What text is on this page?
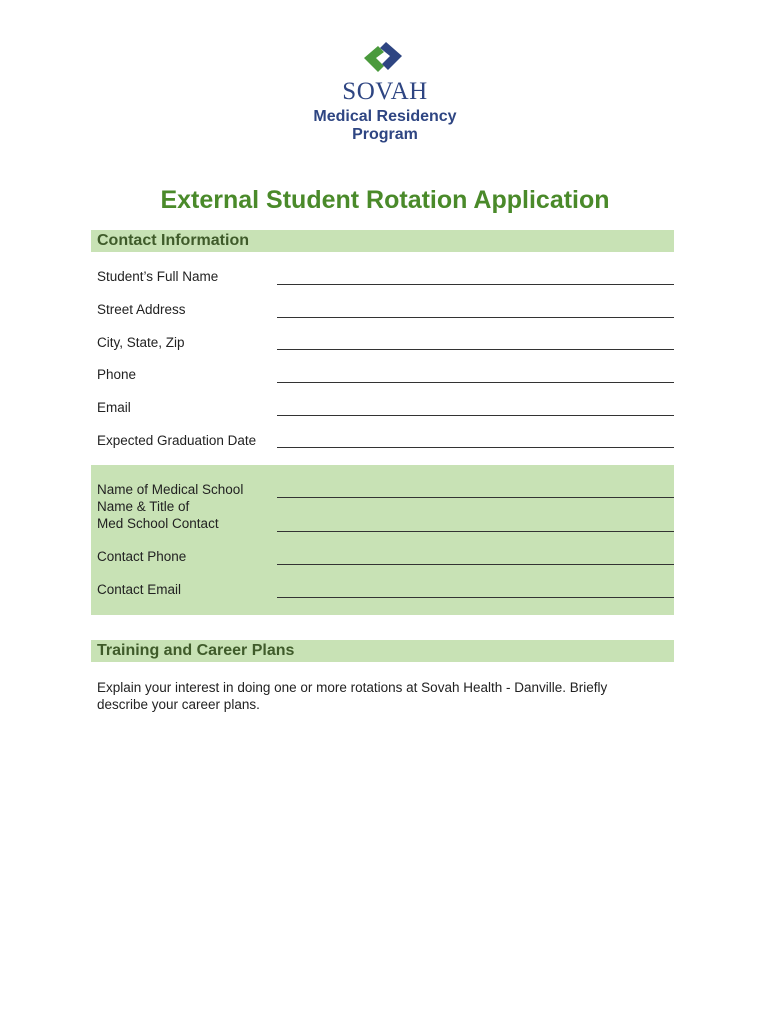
SOVAH
Medical Residency
Program
External Student Rotation Application
Contact Information
Student’s Full Name
Street Address
City, State, Zip
Phone
Email
Expected Graduation Date
Name of Medical School
Name & Title of
Med School Contact
Contact Phone
Contact Email
Training and Career Plans
Explain your interest in doing one or more rotations at Sovah Health - Danville. Briefly describe your career plans.
